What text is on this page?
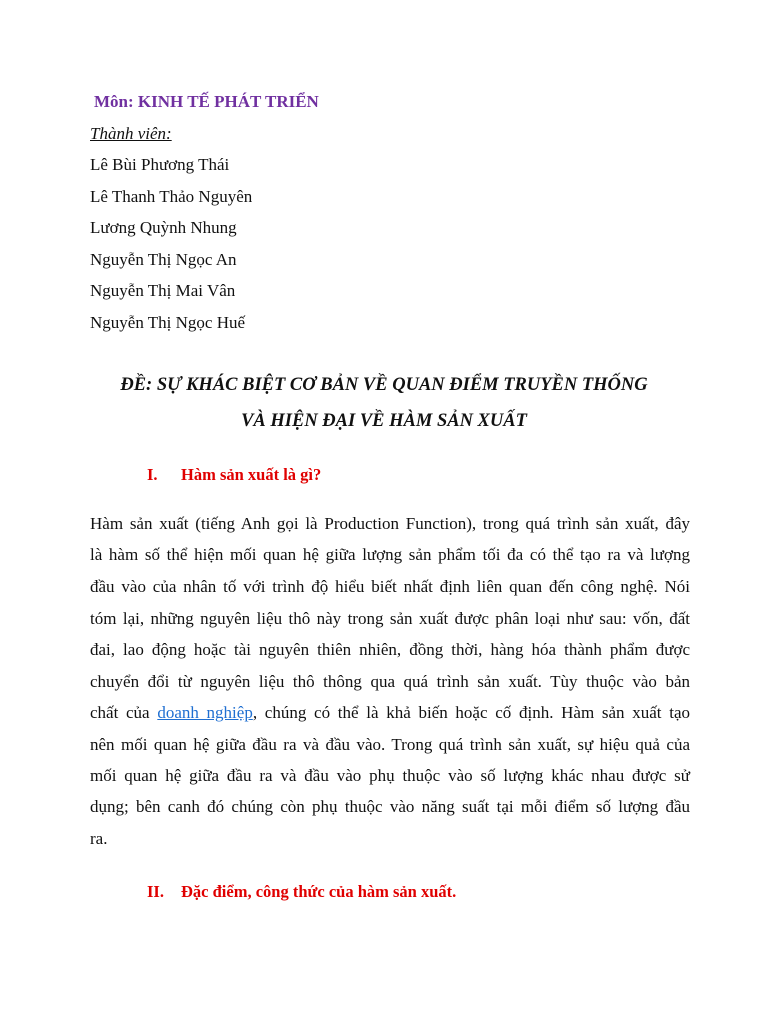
Môn: KINH TẾ PHÁT TRIỂN
Thành viên:
Lê Bùi Phương Thái
Lê Thanh Thảo Nguyên
Lương Quỳnh Nhung
Nguyễn Thị Ngọc An
Nguyễn Thị Mai Vân
Nguyễn Thị Ngọc Huế
ĐỀ: SỰ KHÁC BIỆT CƠ BẢN VỀ QUAN ĐIỂM TRUYỀN THỐNG
VÀ HIỆN ĐẠI VỀ HÀM SẢN XUẤT
I. Hàm sản xuất là gì?
Hàm sản xuất (tiếng Anh gọi là Production Function), trong quá trình sản xuất, đây
là hàm số thể hiện mối quan hệ giữa lượng sản phẩm tối đa có thể tạo ra và lượng
đầu vào của nhân tố với trình độ hiểu biết nhất định liên quan đến công nghệ. Nói
tóm lại, những nguyên liệu thô này trong sản xuất được phân loại như sau: vốn, đất
đai, lao động hoặc tài nguyên thiên nhiên, đồng thời, hàng hóa thành phẩm được
chuyển đổi từ nguyên liệu thô thông qua quá trình sản xuất. Tùy thuộc vào bản
chất của doanh nghiệp, chúng có thể là khả biến hoặc cố định. Hàm sản xuất tạo
nên mối quan hệ giữa đầu ra và đầu vào. Trong quá trình sản xuất, sự hiệu quả của
mối quan hệ giữa đầu ra và đầu vào phụ thuộc vào số lượng khác nhau được sử
dụng; bên canh đó chúng còn phụ thuộc vào năng suất tại mỗi điểm số lượng đầu
ra.
II. Đặc điểm, công thức của hàm sản xuất.
